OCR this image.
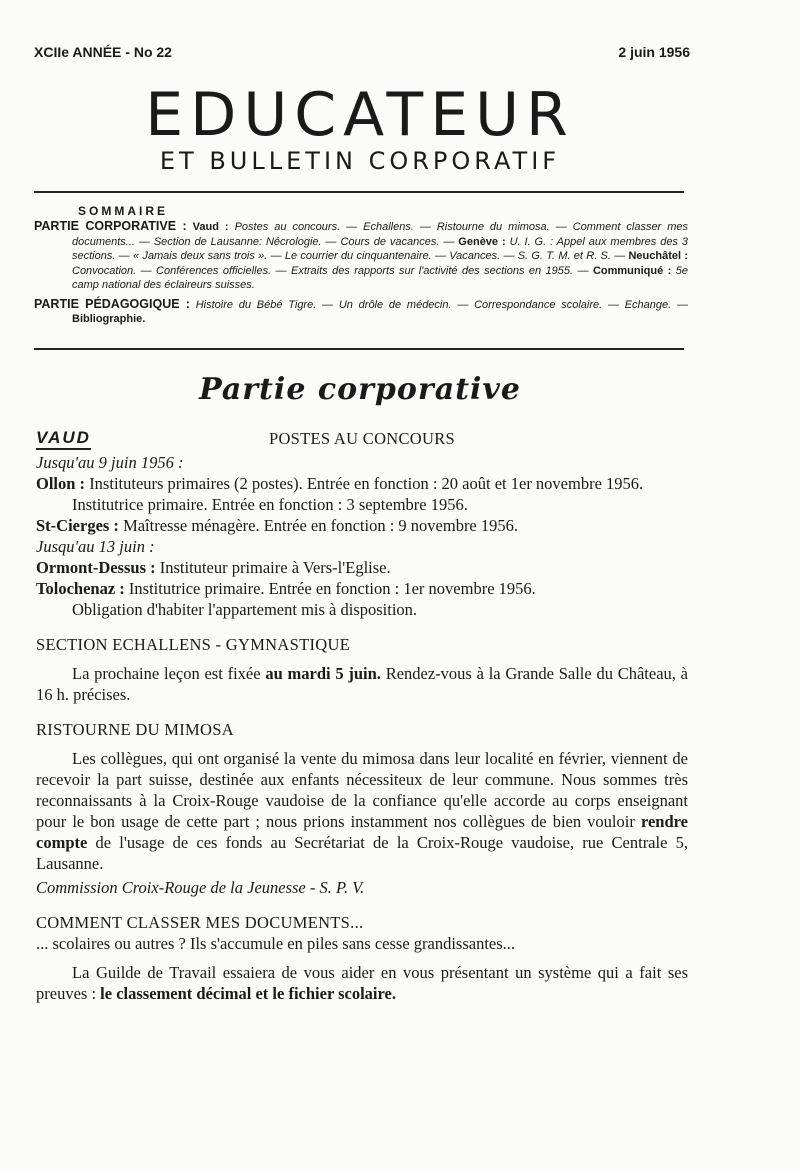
XCIIe ANNÉE - No 22	2 juin 1956
EDUCATEUR
ET BULLETIN CORPORATIF
SOMMAIRE

PARTIE CORPORATIVE : Vaud : Postes au concours. — Echallens. — Ristourne du mimosa. — Comment classer mes documents... — Section de Lausanne: Nécrologie. — Cours de vacances. — Genève : U. I. G. : Appel aux membres des 3 sections. — « Jamais deux sans trois ». — Le courrier du cinquantenaire. — Vacances. — S. G. T. M. et R. S. — Neuchâtel : Convocation. — Conférences officielles. — Extraits des rapports sur l'activité des sections en 1955. — Communiqué : 5e camp national des éclaireurs suisses.

PARTIE PÉDAGOGIQUE : Histoire du Bébé Tigre. — Un drôle de médecin. — Correspondance scolaire. — Echange. — Bibliographie.

Partie corporative
POSTES AU CONCOURS
VAUD

Jusqu'au 9 juin 1956 :

Ollon : Instituteurs primaires (2 postes). Entrée en fonction : 20 août et 1er novembre 1956.

Institutrice primaire. Entrée en fonction : 3 septembre 1956.

St-Cierges : Maîtresse ménagère. Entrée en fonction : 9 novembre 1956.

Jusqu'au 13 juin :

Ormont-Dessus : Instituteur primaire à Vers-l'Eglise.

Tolochenaz : Institutrice primaire. Entrée en fonction : 1er novembre 1956.

Obligation d'habiter l'appartement mis à disposition.

SECTION ECHALLENS - GYMNASTIQUE

La prochaine leçon est fixée au mardi 5 juin. Rendez-vous à la Grande Salle du Château, à 16 h. précises.

RISTOURNE DU MIMOSA

Les collègues, qui ont organisé la vente du mimosa dans leur localité en février, viennent de recevoir la part suisse, destinée aux enfants nécessiteux de leur commune. Nous sommes très reconnaissants à la Croix-Rouge vaudoise de la confiance qu'elle accorde au corps enseignant pour le bon usage de cette part ; nous prions instamment nos collègues de bien vouloir rendre compte de l'usage de ces fonds au Secrétariat de la Croix-Rouge vaudoise, rue Centrale 5, Lausanne.

Commission Croix-Rouge de la Jeunesse - S. P. V.

COMMENT CLASSER MES DOCUMENTS...

... scolaires ou autres ? Ils s'accumule en piles sans cesse grandissantes...

La Guilde de Travail essaiera de vous aider en vous présentant un système qui a fait ses preuves : le classement décimal et le fichier scolaire.
